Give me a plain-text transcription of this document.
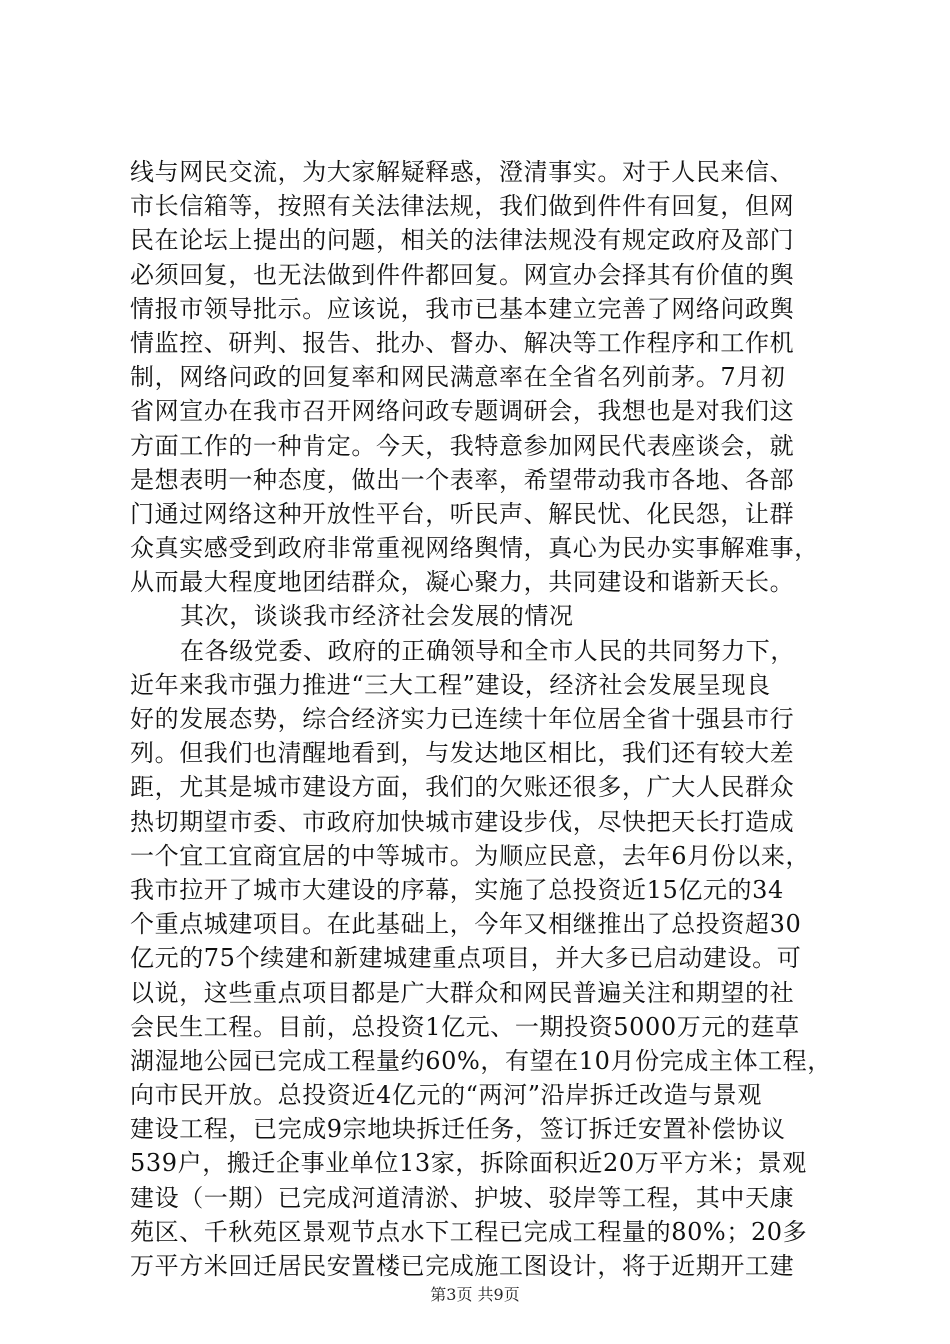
线与网民交流，为大家解疑释惑，澄清事实。对于人民来信、
市长信箱等，按照有关法律法规，我们做到件件有回复，但网
民在论坛上提出的问题，相关的法律法规没有规定政府及部门
必须回复，也无法做到件件都回复。网宣办会择其有价值的舆
情报市领导批示。应该说，我市已基本建立完善了网络问政舆
情监控、研判、报告、批办、督办、解决等工作程序和工作机
制，网络问政的回复率和网民满意率在全省名列前茅。7月初
省网宣办在我市召开网络问政专题调研会，我想也是对我们这
方面工作的一种肯定。今天，我特意参加网民代表座谈会，就
是想表明一种态度，做出一个表率，希望带动我市各地、各部
门通过网络这种开放性平台，听民声、解民忧、化民怨，让群
众真实感受到政府非常重视网络舆情，真心为民办实事解难事，
从而最大程度地团结群众，凝心聚力，共同建设和谐新天长。
其次，谈谈我市经济社会发展的情况
在各级党委、政府的正确领导和全市人民的共同努力下，
近年来我市强力推进“三大工程”建设，经济社会发展呈现良
好的发展态势，综合经济实力已连续十年位居全省十强县市行
列。但我们也清醒地看到，与发达地区相比，我们还有较大差
距，尤其是城市建设方面，我们的欠账还很多，广大人民群众
热切期望市委、市政府加快城市建设步伐，尽快把天长打造成
一个宜工宜商宜居的中等城市。为顺应民意，去年6月份以来，
我市拉开了城市大建设的序幕，实施了总投资近15亿元的34
个重点城建项目。在此基础上，今年又相继推出了总投资超30
亿元的75个续建和新建城建重点项目，并大多已启动建设。可
以说，这些重点项目都是广大群众和网民普遍关注和期望的社
会民生工程。目前，总投资1亿元、一期投资5000万元的莛草
湖湿地公园已完成工程量约60%，有望在10月份完成主体工程，
向市民开放。总投资近4亿元的“两河”沿岸拆迁改造与景观
建设工程，已完成9宗地块拆迁任务，签订拆迁安置补偿协议
539户，搬迁企事业单位13家，拆除面积近20万平方米；景观
建设（一期）已完成河道清淤、护坡、驳岸等工程，其中天康
苑区、千秋苑区景观节点水下工程已完成工程量的80%；20多
万平方米回迁居民安置楼已完成施工图设计，将于近期开工建
第3页 共9页
